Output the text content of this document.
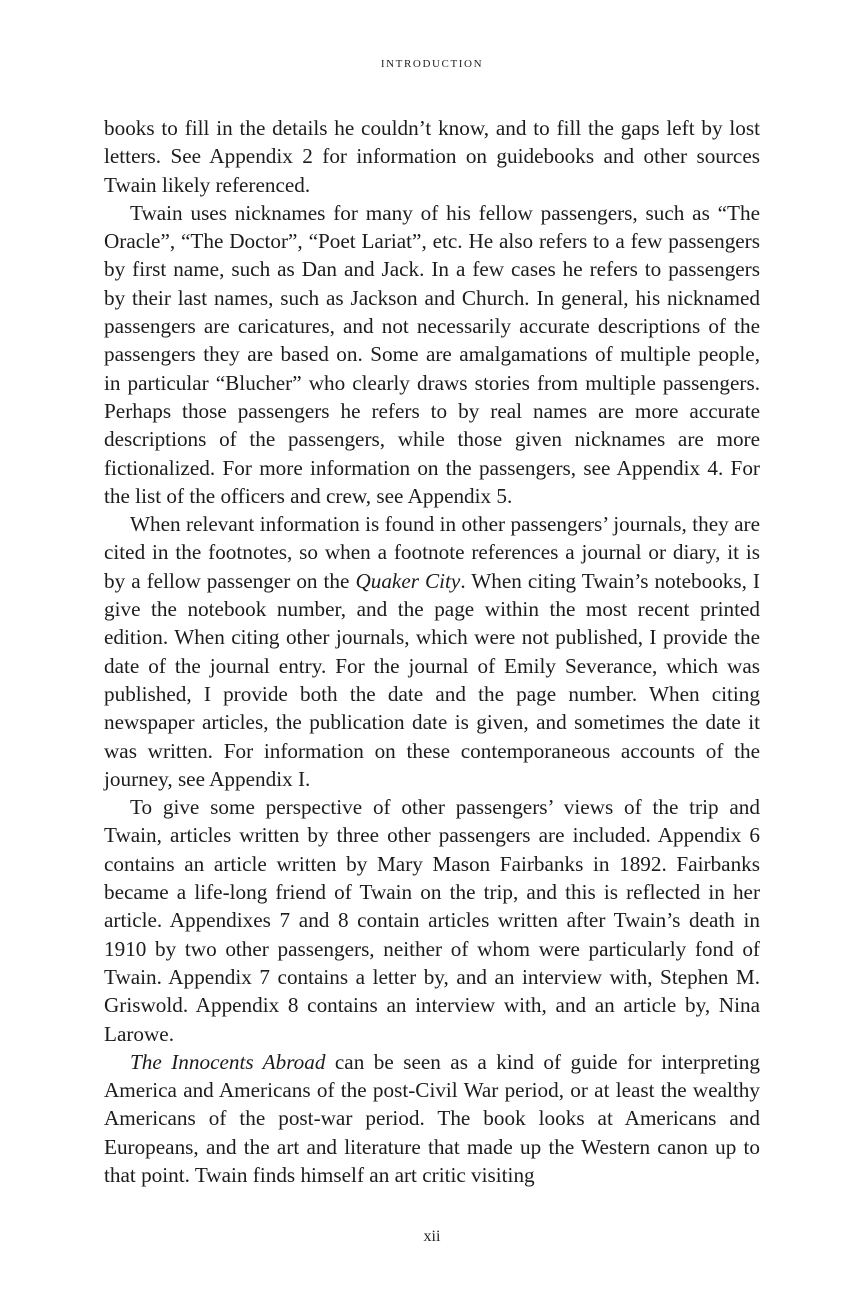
introduction

books to fill in the details he couldn’t know, and to fill the gaps left by lost letters. See Appendix 2 for information on guidebooks and other sources Twain likely referenced.

Twain uses nicknames for many of his fellow passengers, such as “The Oracle”, “The Doctor”, “Poet Lariat”, etc. He also refers to a few passengers by first name, such as Dan and Jack. In a few cases he refers to passengers by their last names, such as Jackson and Church. In general, his nicknamed passengers are caricatures, and not necessarily accurate descriptions of the passengers they are based on. Some are amalgamations of multiple people, in particular “Blucher” who clearly draws stories from multiple passengers. Perhaps those passengers he refers to by real names are more accurate descriptions of the passengers, while those given nicknames are more fictionalized. For more information on the passengers, see Appendix 4. For the list of the officers and crew, see Appendix 5.

When relevant information is found in other passengers’ journals, they are cited in the footnotes, so when a footnote references a journal or diary, it is by a fellow passenger on the Quaker City. When citing Twain’s notebooks, I give the notebook number, and the page within the most recent printed edition. When citing other journals, which were not published, I provide the date of the journal entry. For the journal of Emily Severance, which was published, I provide both the date and the page number. When citing newspaper articles, the publication date is given, and sometimes the date it was written. For information on these contemporaneous accounts of the journey, see Appendix I.

To give some perspective of other passengers’ views of the trip and Twain, articles written by three other passengers are included. Appendix 6 contains an article written by Mary Mason Fairbanks in 1892. Fairbanks became a life-long friend of Twain on the trip, and this is reflected in her article. Appendixes 7 and 8 contain articles written after Twain’s death in 1910 by two other passengers, neither of whom were particularly fond of Twain. Appendix 7 contains a letter by, and an interview with, Stephen M. Griswold. Appendix 8 contains an interview with, and an article by, Nina Larowe.

The Innocents Abroad can be seen as a kind of guide for interpreting America and Americans of the post-Civil War period, or at least the wealthy Americans of the post-war period. The book looks at Americans and Europeans, and the art and literature that made up the Western canon up to that point. Twain finds himself an art critic visiting

xii
